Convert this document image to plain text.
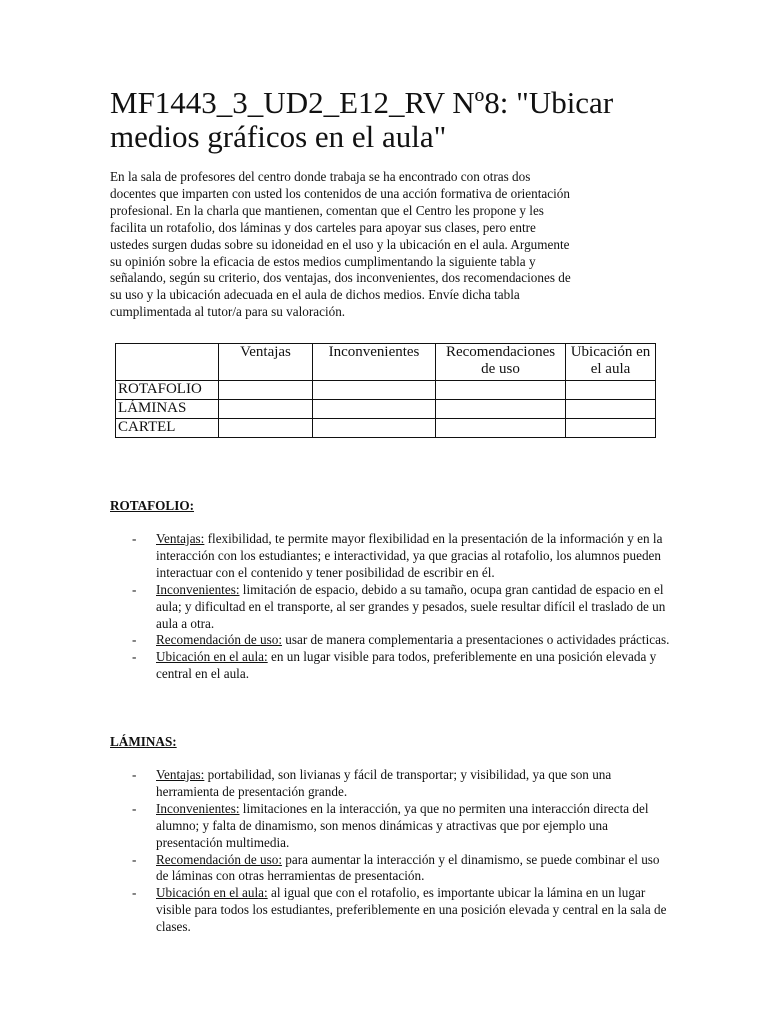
MF1443_3_UD2_E12_RV Nº8: "Ubicar medios gráficos en el aula"
En la sala de profesores del centro donde trabaja se ha encontrado con otras dos
docentes que imparten con usted los contenidos de una acción formativa de orientación
profesional. En la charla que mantienen, comentan que el Centro les propone y les
facilita un rotafolio, dos láminas y dos carteles para apoyar sus clases, pero entre
ustedes surgen dudas sobre su idoneidad en el uso y la ubicación en el aula. Argumente
su opinión sobre la eficacia de estos medios cumplimentando la siguiente tabla y
señalando, según su criterio, dos ventajas, dos inconvenientes, dos recomendaciones de
su uso y la ubicación adecuada en el aula de dichos medios. Envíe dicha tabla
cumplimentada al tutor/a para su valoración.
	Ventajas	Inconvenientes	Recomendaciones de uso	Ubicación en el aula
ROTAFOLIO				
LÁMINAS				
CARTEL				

ROTAFOLIO:

- Ventajas: flexibilidad, te permite mayor flexibilidad en la presentación de la información y en la interacción con los estudiantes; e interactividad, ya que gracias al rotafolio, los alumnos pueden interactuar con el contenido y tener posibilidad de escribir en él.
- Inconvenientes: limitación de espacio, debido a su tamaño, ocupa gran cantidad de espacio en el aula; y dificultad en el transporte, al ser grandes y pesados, suele resultar difícil el traslado de un aula a otra.
- Recomendación de uso: usar de manera complementaria a presentaciones o actividades prácticas.
- Ubicación en el aula: en un lugar visible para todos, preferiblemente en una posición elevada y central en el aula.

LÁMINAS:

- Ventajas: portabilidad, son livianas y fácil de transportar; y visibilidad, ya que son una herramienta de presentación grande.
- Inconvenientes: limitaciones en la interacción, ya que no permiten una interacción directa del alumno; y falta de dinamismo, son menos dinámicas y atractivas que por ejemplo una presentación multimedia.
- Recomendación de uso: para aumentar la interacción y el dinamismo, se puede combinar el uso de láminas con otras herramientas de presentación.
- Ubicación en el aula: al igual que con el rotafolio, es importante ubicar la lámina en un lugar visible para todos los estudiantes, preferiblemente en una posición elevada y central en la sala de clases.
